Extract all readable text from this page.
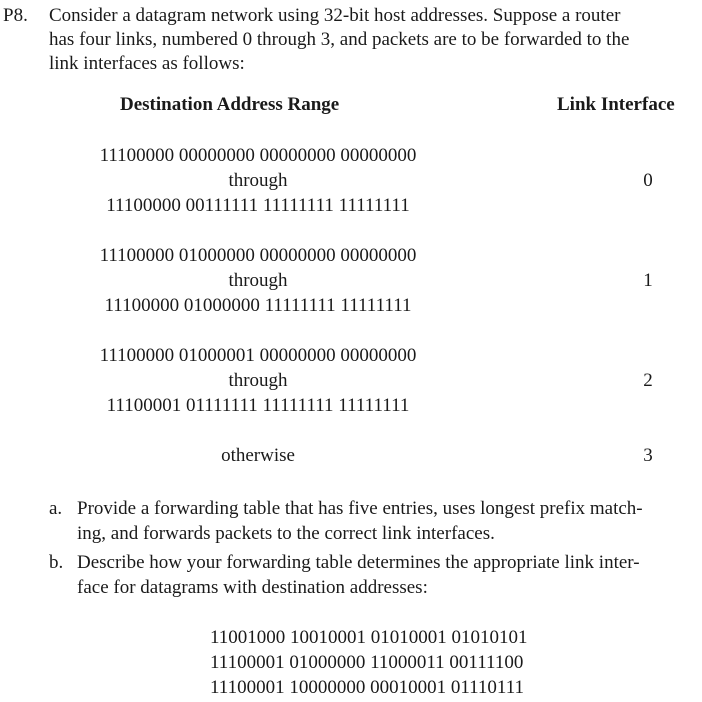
P8. Consider a datagram network using 32-bit host addresses. Suppose a router
has four links, numbered 0 through 3, and packets are to be forwarded to the
link interfaces as follows:
Destination Address Range	Link Interface
11100000 00000000 00000000 00000000
through
11100000 00111111 11111111 11111111
0
11100000 01000000 00000000 00000000
through
11100000 01000000 11111111 11111111
1
11100000 01000001 00000000 00000000
through
11100001 01111111 11111111 11111111
2
otherwise	3
a. Provide a forwarding table that has five entries, uses longest prefix match-
ing, and forwards packets to the correct link interfaces.
b. Describe how your forwarding table determines the appropriate link inter-
face for datagrams with destination addresses:
11001000 10010001 01010001 01010101
11100001 01000000 11000011 00111100
11100001 10000000 00010001 01110111
